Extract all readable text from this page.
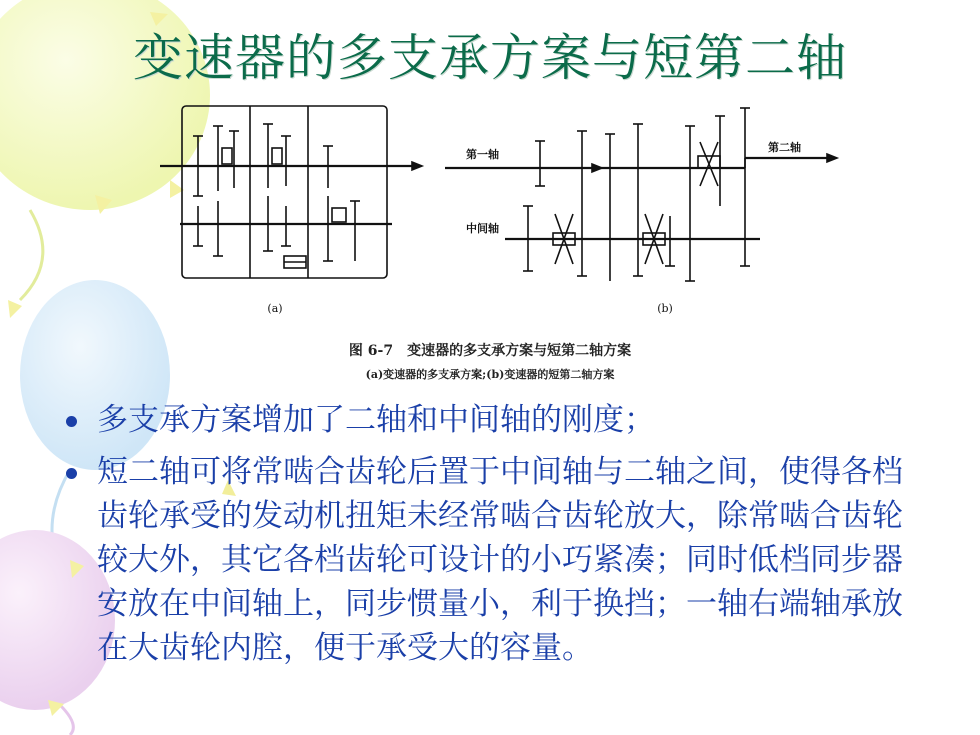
变速器的多支承方案与短第二轴
(a)
第一轴
第二轴
中间轴
(b)
图 6-7　变速器的多支承方案与短第二轴方案
(a)变速器的多支承方案;(b)变速器的短第二轴方案
多支承方案增加了二轴和中间轴的刚度；
短二轴可将常啮合齿轮后置于中间轴与二轴之间，使得各档齿轮承受的发动机扭矩未经常啮合齿轮放大，除常啮合齿轮较大外，其它各档齿轮可设计的小巧紧凑；同时低档同步器安放在中间轴上，同步惯量小，利于换挡；一轴右端轴承放在大齿轮内腔，便于承受大的容量。
